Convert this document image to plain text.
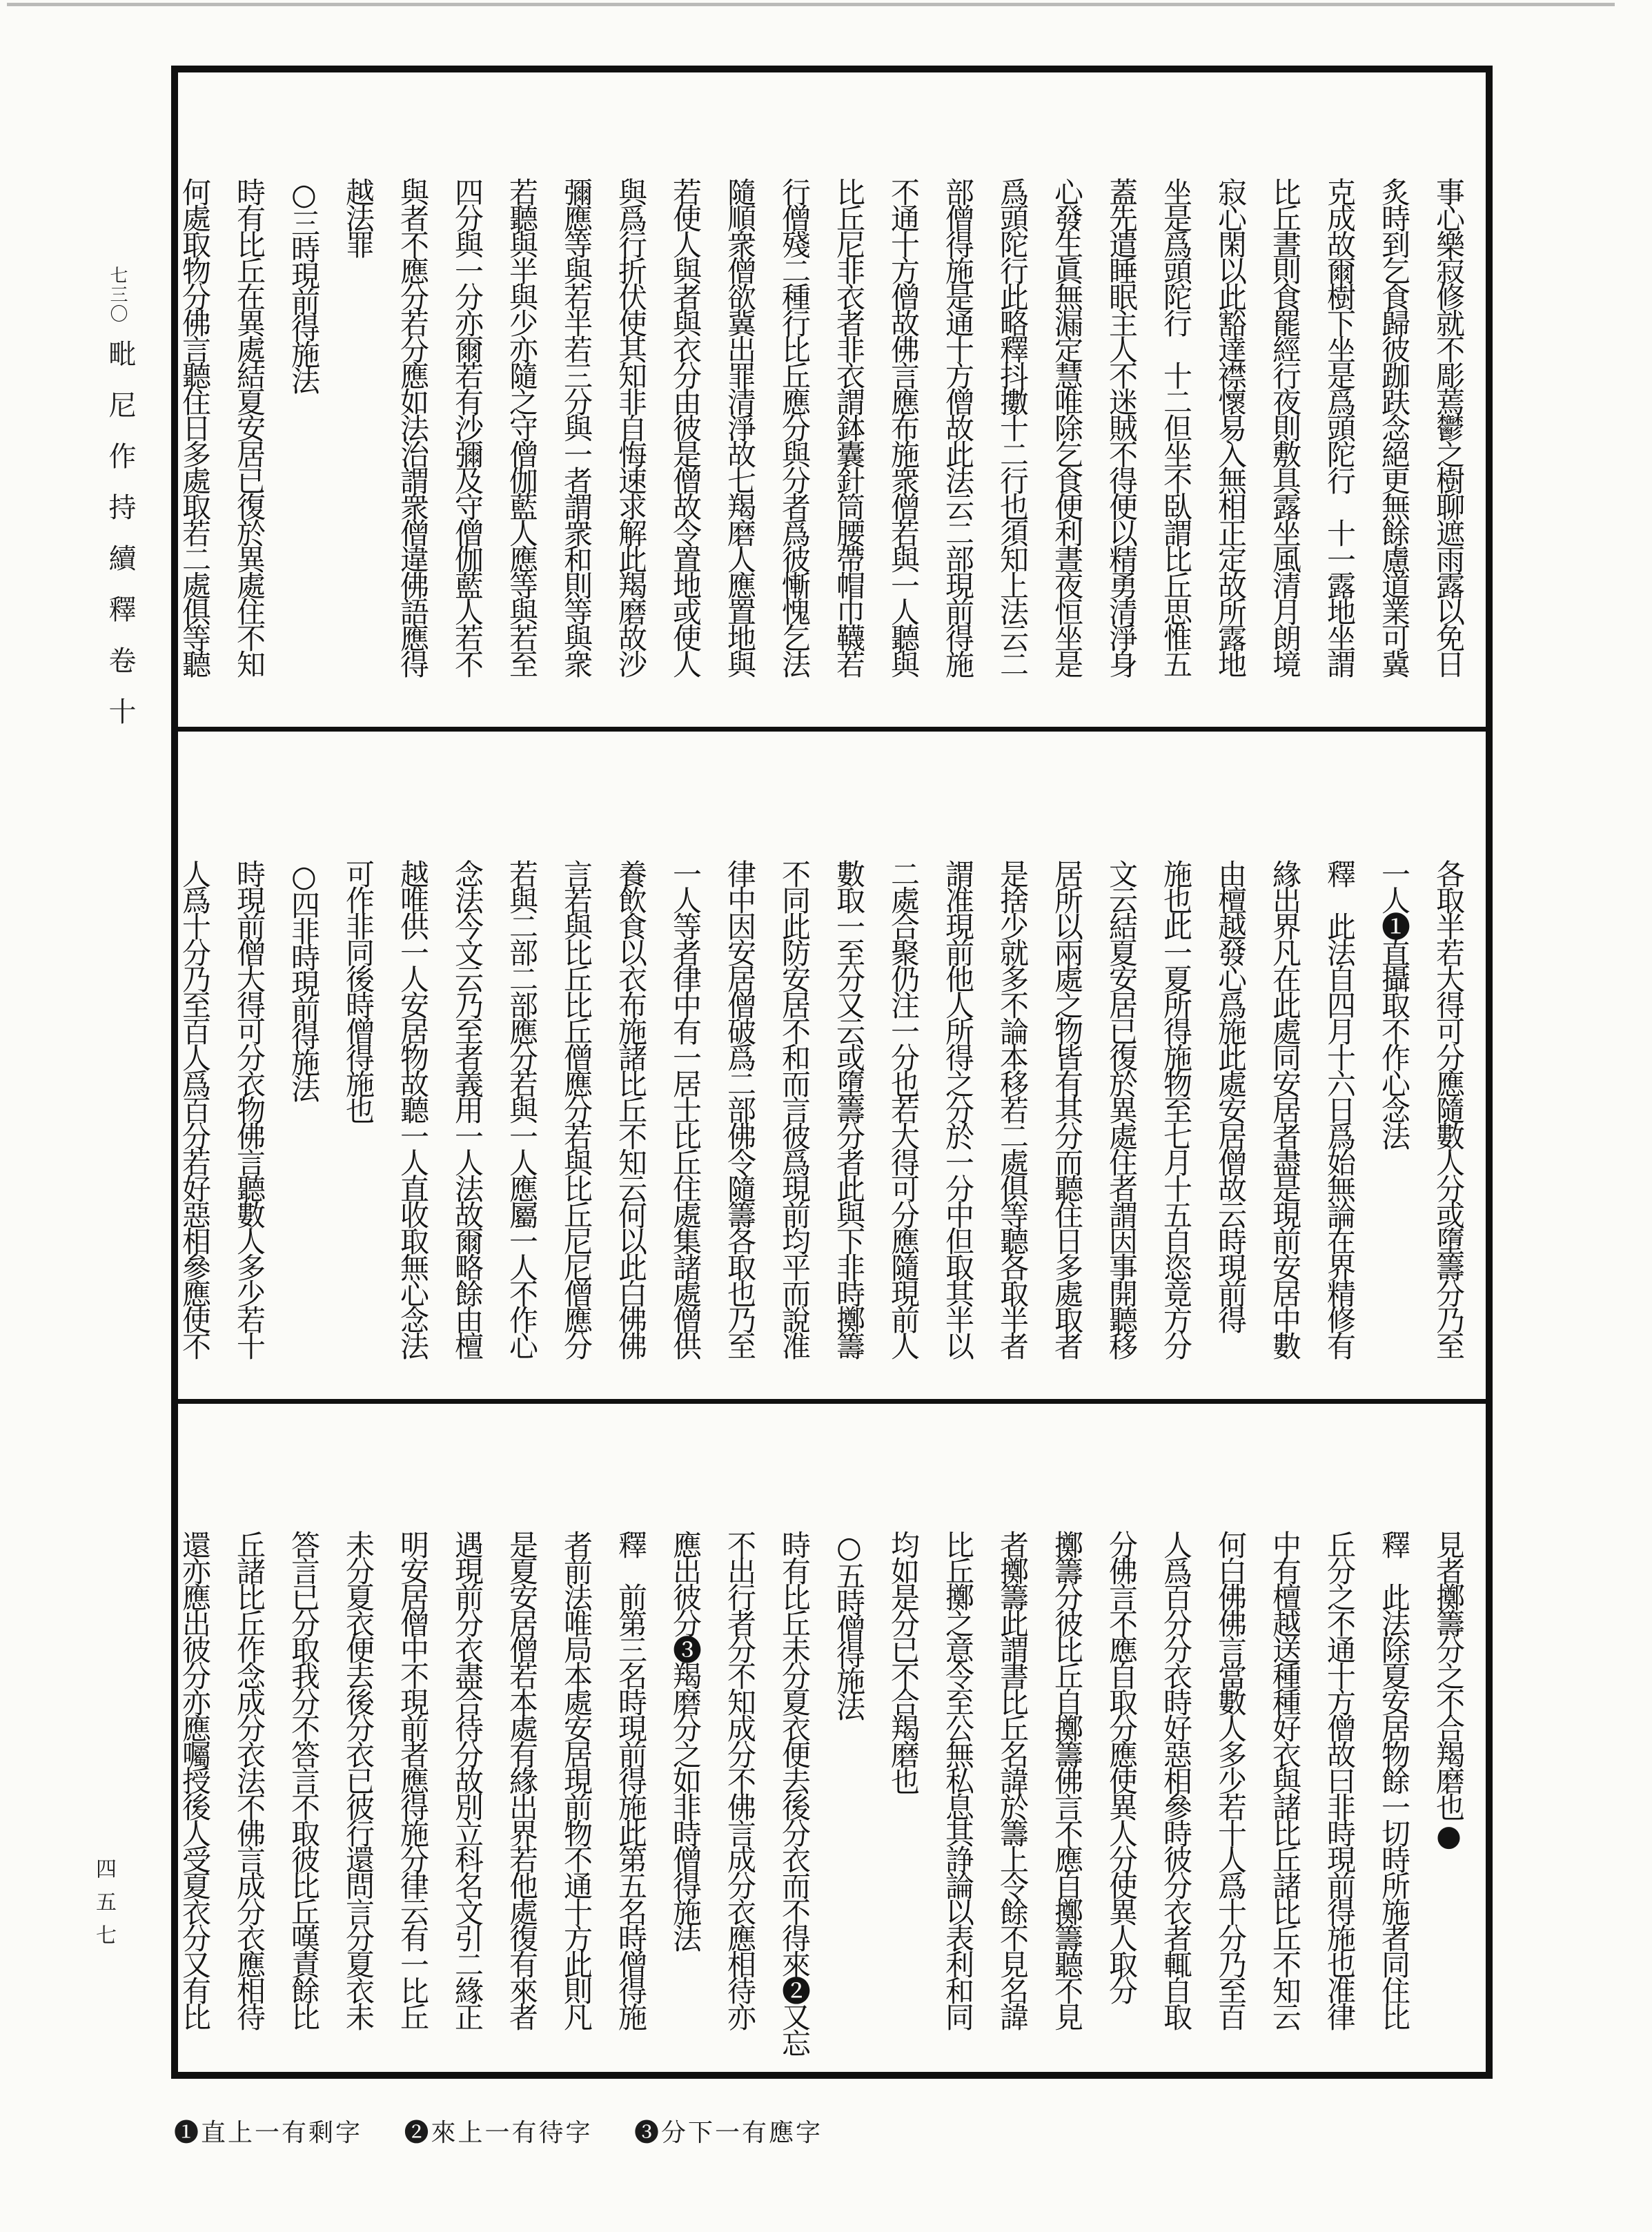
七三〇
毗尼作持續釋卷十
四五七
事心樂寂修就不彫蔫鬱之樹聊遮雨露以免日
炙時到乞食歸彼跏趺念絕更無餘慮道業可冀
克成故爾樹下坐是爲頭陀行　十一露地坐謂
比丘晝則食罷經行夜則敷具露坐風清月朗境
寂心閑以此豁達襟懷易入無相正定故所露地
坐是爲頭陀行　十二但坐不臥謂比丘思惟五
蓋先遣睡眠主人不迷賊不得便以精勇清淨身
心發生眞無漏定慧唯除乞食便利晝夜恒坐是
爲頭陀行此略釋抖擻十二行也須知上法云二
部僧得施是通十方僧故此法云二部現前得施
不通十方僧故佛言應布施衆僧若與一人聽與
比丘尼非衣者非衣謂鉢囊針筒腰帶帽巾韈若
行僧殘二種行比丘應分與分者爲彼慚愧乞法
隨順衆僧欲冀出罪清淨故七羯磨人應置地與
若使人與者與衣分由彼是僧故令置地或使人
與爲行折伏使其知非自悔速求解此羯磨故沙
彌應等與若半若三分與一者謂衆和則等與衆
若聽與半與少亦隨之守僧伽藍人應等與若至
四分與一分亦爾若有沙彌及守僧伽藍人若不
與者不應分若分應如法治謂衆僧違佛語應得
越法罪
○三時現前得施法
時有比丘在異處結夏安居已復於異處住不知
何處取物分佛言聽住日多處取若二處俱等聽
各取半若大得可分應隨數人分或墮籌分乃至
一人❶直攝取不作心念法
釋　此法自四月十六日爲始無論在界精修有
緣出界凡在此處同安居者盡是現前安居中數
由檀越發心爲施此處安居僧故云時現前得
施也此一夏所得施物至七月十五自恣竟方分
文云結夏安居已復於異處住者謂因事開聽移
居所以兩處之物皆有其分而聽住日多處取者
是捨少就多不論本移若二處俱等聽各取半者
謂准現前他人所得之分於一分中但取其半以
二處合聚仍注一分也若大得可分應隨現前人
數取一至分又云或墮籌分者此與下非時擲籌
不同此防安居不和而言彼爲現前均平而說准
律中因安居僧破爲二部佛令隨籌各取也乃至
一人等者律中有一居士比丘住處集諸處僧供
養飲食以衣布施諸比丘不知云何以此白佛佛
言若與比丘比丘僧應分若與比丘尼尼僧應分
若與二部二部應分若與一人應屬一人不作心
念法今文云乃至者義用一人法故爾略餘由檀
越唯供一人安居物故聽一人直收取無心念法
可作非同後時僧得施也
○四非時現前得施法
時現前僧大得可分衣物佛言聽數人多少若十
人爲十分乃至百人爲百分若好惡相參應使不
見者擲籌分之不合羯磨也●
釋　此法除夏安居物餘一切時所施者同住比
丘分之不通十方僧故曰非時現前得施也准律
中有檀越送種種好衣與諸比丘諸比丘不知云
何白佛佛言當數人多少若十人爲十分乃至百
人爲百分分衣時好惡相參時彼分衣者輒自取
分佛言不應自取分應使異人分使異人取分
擲籌分彼比丘自擲籌佛言不應自擲籌聽不見
者擲籌此謂書比丘名諱於籌上令餘不見名諱
比丘擲之意令至公無私息其諍論以表利和同
均如是分已不合羯磨也
○五時僧得施法
時有比丘未分夏衣便去後分衣而不得來❷又忘
不出行者分不知成分不佛言成分衣應相待亦
應出彼分❸羯磨分之如非時僧得施法
釋　前第三名時現前得施此第五名時僧得施
者前法唯局本處安居現前物不通十方此則凡
是夏安居僧若本處有緣出界若他處復有來者
遇現前分衣盡合待分故別立科名文引二緣正
明安居僧中不現前者應得施分律云有一比丘
未分夏衣便去後分衣已彼行還問言分夏衣未
答言已分取我分不答言不取彼比丘嘆責餘比
丘諸比丘作念成分衣法不佛言成分衣應相待
還亦應出彼分亦應囑授後人受夏衣分又有比
❶直上一有剩字 ❷來上一有待字 ❸分下一有應字
